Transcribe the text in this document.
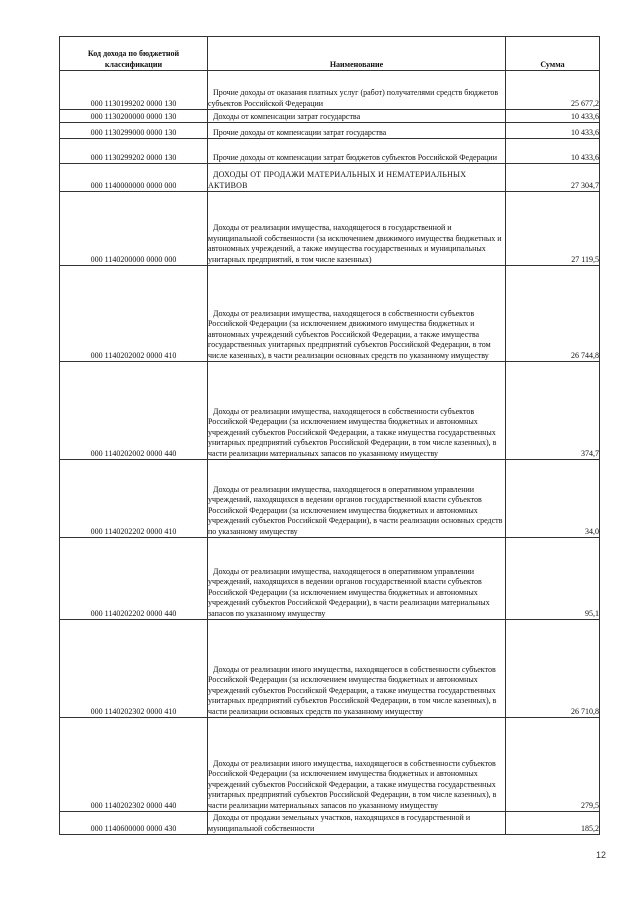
Код дохода по бюджетной классификации	Наименование	Сумма
000 1130199202 0000 130	Прочие доходы от оказания платных услуг (работ) получателями средств бюджетов субъектов Российской Федерации	25 677,2
000 1130200000 0000 130	Доходы от компенсации затрат государства	10 433,6
000 1130299000 0000 130	Прочие доходы от компенсации затрат государства	10 433,6
000 1130299202 0000 130	Прочие доходы от компенсации затрат бюджетов субъектов Российской Федерации	10 433,6
000 1140000000 0000 000	ДОХОДЫ ОТ ПРОДАЖИ МАТЕРИАЛЬНЫХ И НЕМАТЕРИАЛЬНЫХ АКТИВОВ	27 304,7
000 1140200000 0000 000	Доходы от реализации имущества, находящегося в государственной и муниципальной собственности (за исключением движимого имущества бюджетных и автономных учреждений, а также имущества государственных и муниципальных унитарных предприятий, в том числе казенных)	27 119,5
000 1140202002 0000 410	Доходы от реализации имущества, находящегося в собственности субъектов Российской Федерации (за исключением движимого имущества бюджетных и автономных учреждений субъектов Российской Федерации, а также имущества государственных унитарных предприятий субъектов Российской Федерации, в том числе казенных), в части реализации основных средств по указанному имуществу	26 744,8
000 1140202002 0000 440	Доходы от реализации имущества, находящегося в собственности субъектов Российской Федерации (за исключением имущества бюджетных и автономных учреждений субъектов Российской Федерации, а также имущества государственных унитарных предприятий субъектов Российской Федерации, в том числе казенных), в части реализации материальных запасов по указанному имуществу	374,7
000 1140202202 0000 410	Доходы от реализации имущества, находящегося в оперативном управлении учреждений, находящихся в ведении органов государственной власти субъектов Российской Федерации (за исключением имущества бюджетных и автономных учреждений субъектов Российской Федерации), в части реализации основных средств по указанному имуществу	34,0
000 1140202202 0000 440	Доходы от реализации имущества, находящегося в оперативном управлении учреждений, находящихся в ведении органов государственной власти субъектов Российской Федерации (за исключением имущества бюджетных и автономных учреждений субъектов Российской Федерации), в части реализации материальных запасов по указанному имуществу	95,1
000 1140202302 0000 410	Доходы от реализации иного имущества, находящегося в собственности субъектов Российской Федерации (за исключением имущества бюджетных и автономных учреждений субъектов Российской Федерации, а также имущества государственных унитарных предприятий субъектов Российской Федерации, в том числе казенных), в части реализации основных средств по указанному имуществу	26 710,8
000 1140202302 0000 440	Доходы от реализации иного имущества, находящегося в собственности субъектов Российской Федерации (за исключением имущества бюджетных и автономных учреждений субъектов Российской Федерации, а также имущества государственных унитарных предприятий субъектов Российской Федерации, в том числе казенных), в части реализации материальных запасов по указанному имуществу	279,5
000 1140600000 0000 430	Доходы от продажи земельных участков, находящихся в государственной и муниципальной собственности	185,2
12
